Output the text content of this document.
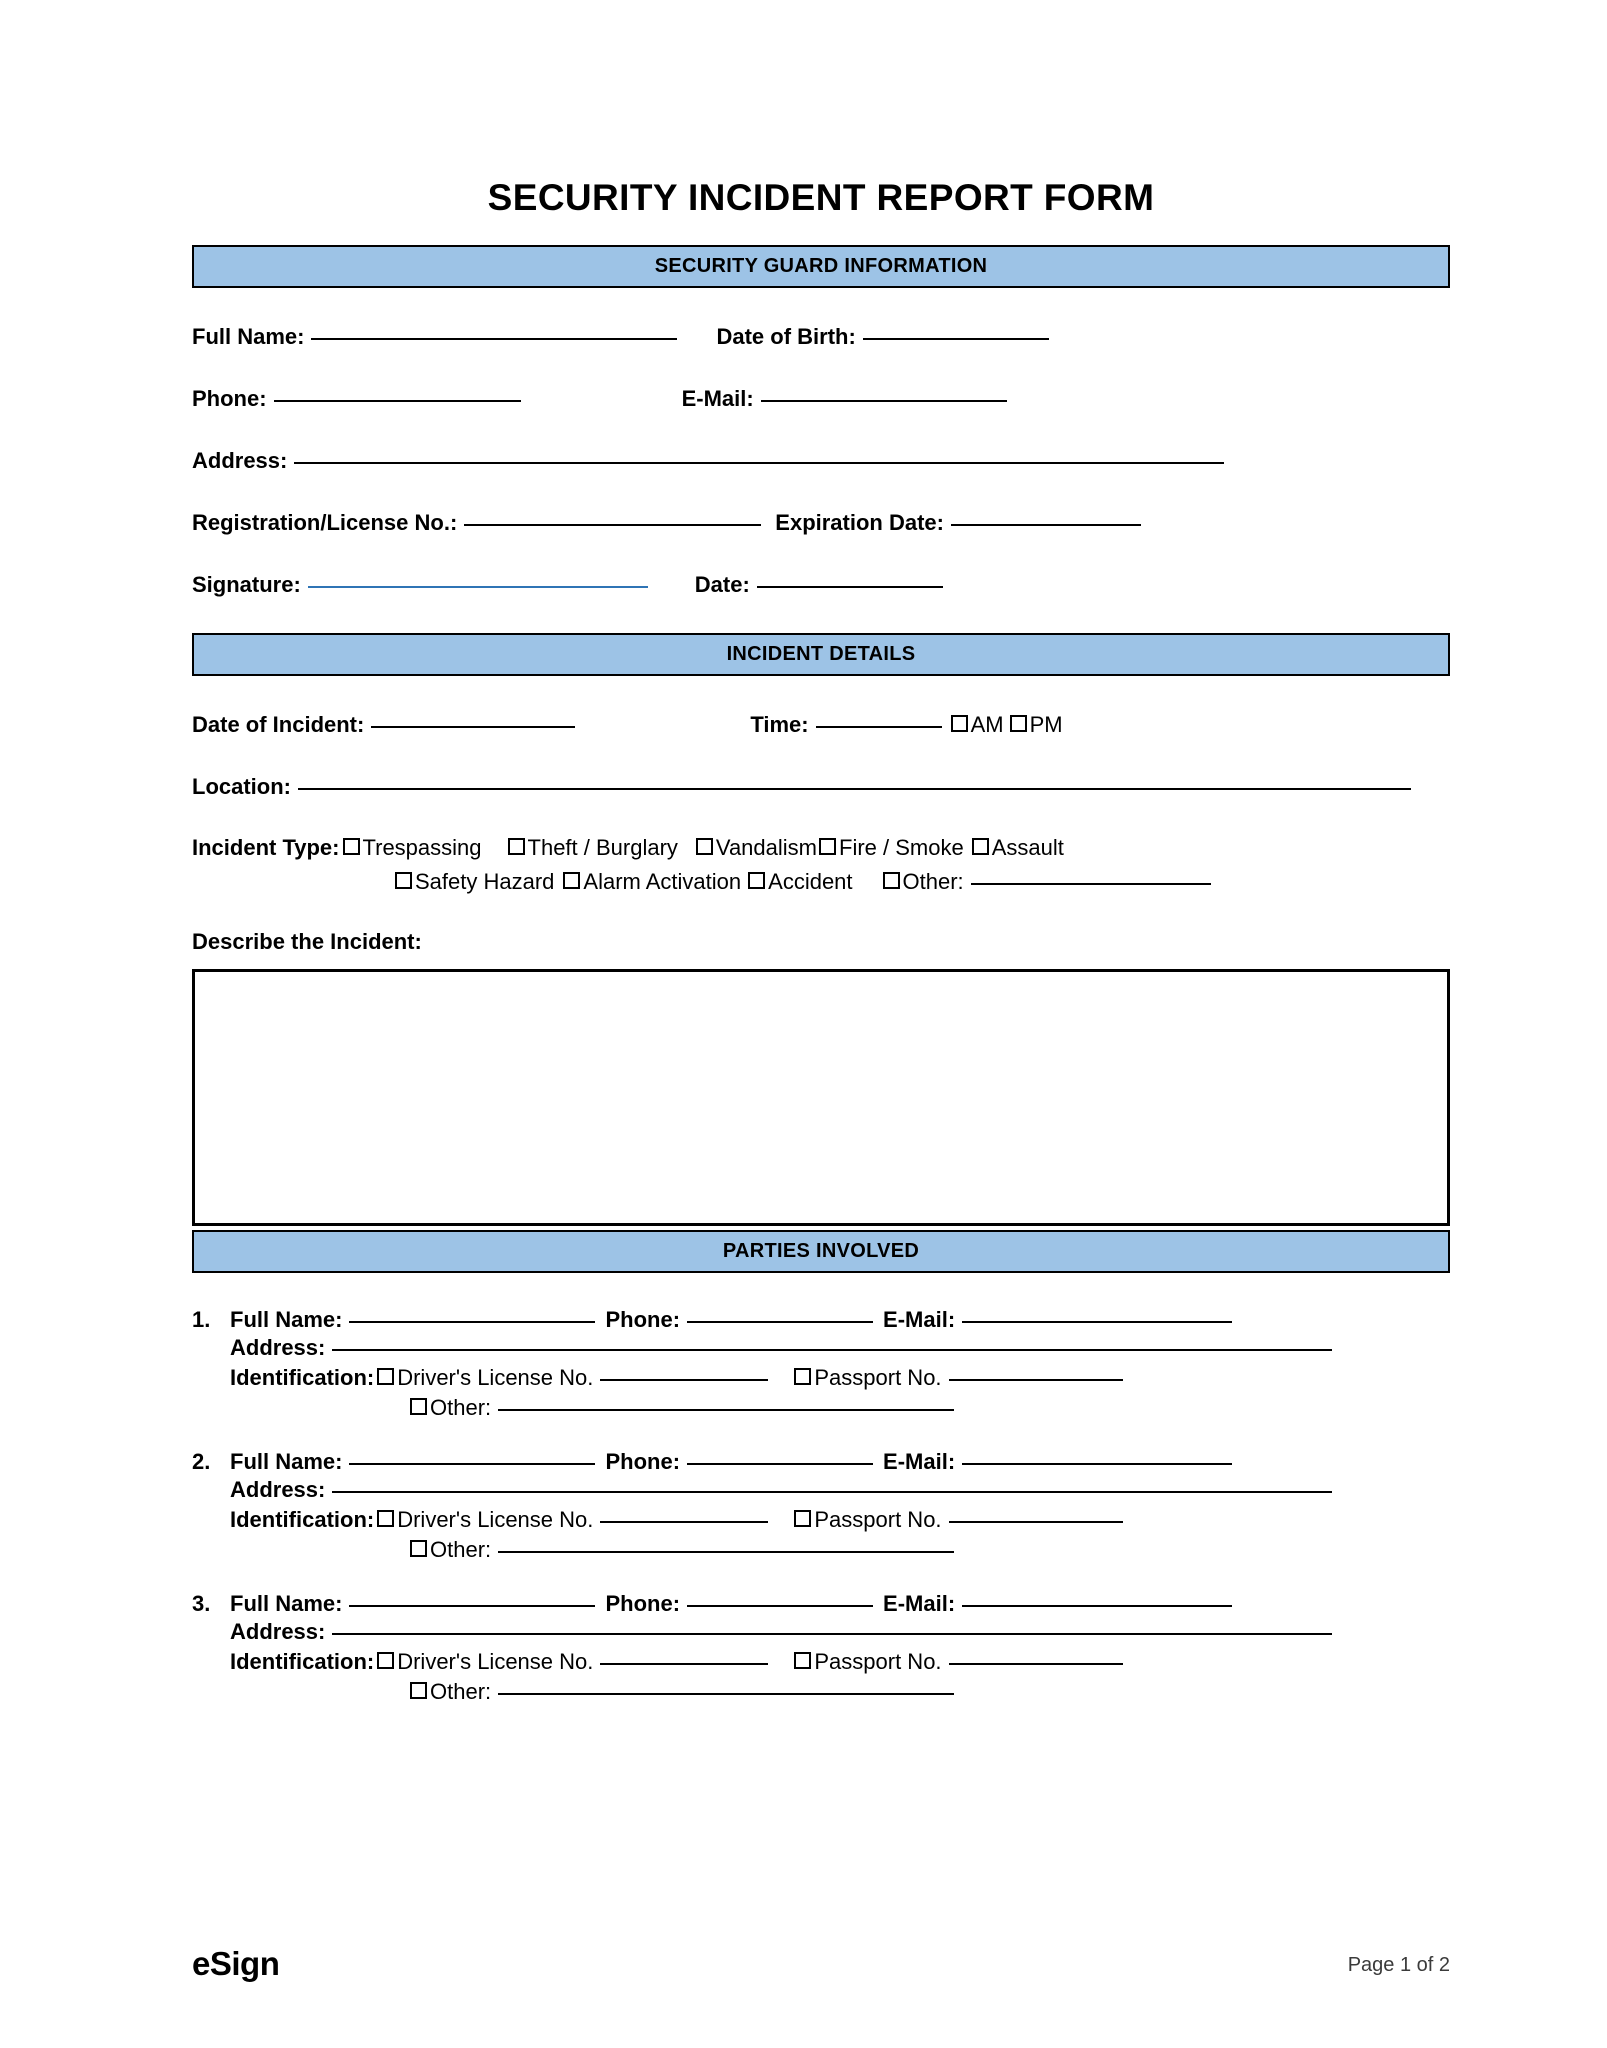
SECURITY INCIDENT REPORT FORM
SECURITY GUARD INFORMATION
Full Name:	Date of Birth:
Phone:	E-Mail:
Address:
Registration/License No.:	Expiration Date:
Signature:	Date:
INCIDENT DETAILS
Date of Incident:	Time:	AM PM
Location:
Incident Type: Trespassing Theft / Burglary Vandalism Fire / Smoke Assault
Safety Hazard Alarm Activation Accident Other:
Describe the Incident:
PARTIES INVOLVED
1. Full Name:	Phone:	E-Mail:
Address:
Identification: Driver's License No.	Passport No.
Other:
2. Full Name:	Phone:	E-Mail:
Address:
Identification: Driver's License No.	Passport No.
Other:
3. Full Name:	Phone:	E-Mail:
Address:
Identification: Driver's License No.	Passport No.
Other:
eSign	Page 1 of 2
